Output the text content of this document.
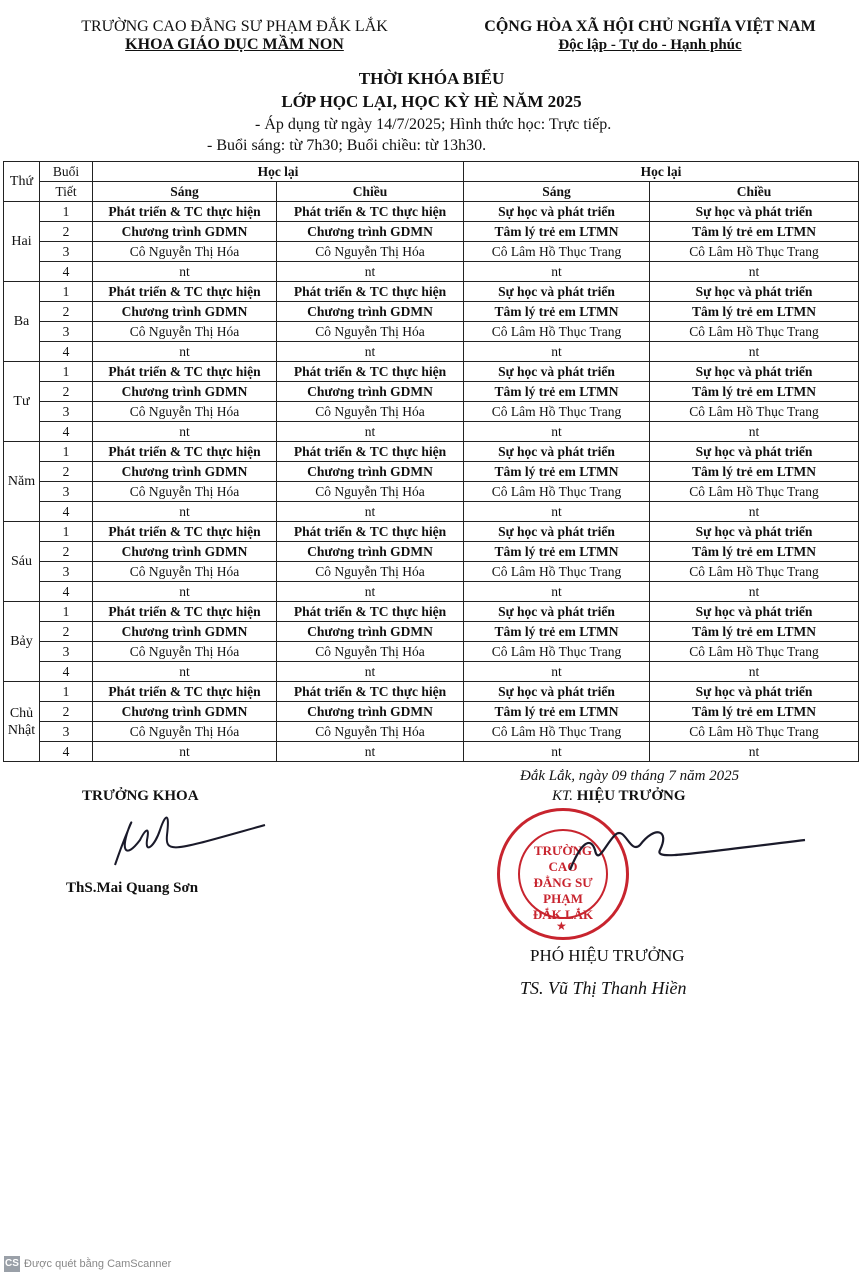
TRƯỜNG CAO ĐẲNG SƯ PHẠM ĐẮK LẮK
KHOA GIÁO DỤC MẦM NON
CỘNG HÒA XÃ HỘI CHỦ NGHĨA VIỆT NAM
Độc lập - Tự do - Hạnh phúc
THỜI KHÓA BIỂU
LỚP HỌC LẠI, HỌC KỲ HÈ NĂM 2025
- Áp dụng từ ngày 14/7/2025; Hình thức học: Trực tiếp.
- Buổi sáng: từ 7h30; Buổi chiều: từ 13h30.
Thứ	Buổi	Học lại		Học lại	
	Tiết	Sáng	Chiều	Sáng	Chiều
Hai	1	Phát triển & TC thực hiện	Phát triển & TC thực hiện	Sự học và phát triển	Sự học và phát triển
	2	Chương trình GDMN	Chương trình GDMN	Tâm lý trẻ em LTMN	Tâm lý trẻ em LTMN
	3	Cô Nguyễn Thị Hóa	Cô Nguyễn Thị Hóa	Cô Lâm Hồ Thục Trang	Cô Lâm Hồ Thục Trang
	4	nt	nt	nt	nt
Ba	1	Phát triển & TC thực hiện	Phát triển & TC thực hiện	Sự học và phát triển	Sự học và phát triển
	2	Chương trình GDMN	Chương trình GDMN	Tâm lý trẻ em LTMN	Tâm lý trẻ em LTMN
	3	Cô Nguyễn Thị Hóa	Cô Nguyễn Thị Hóa	Cô Lâm Hồ Thục Trang	Cô Lâm Hồ Thục Trang
	4	nt	nt	nt	nt
Tư	1	Phát triển & TC thực hiện	Phát triển & TC thực hiện	Sự học và phát triển	Sự học và phát triển
	2	Chương trình GDMN	Chương trình GDMN	Tâm lý trẻ em LTMN	Tâm lý trẻ em LTMN
	3	Cô Nguyễn Thị Hóa	Cô Nguyễn Thị Hóa	Cô Lâm Hồ Thục Trang	Cô Lâm Hồ Thục Trang
	4	nt	nt	nt	nt
Năm	1	Phát triển & TC thực hiện	Phát triển & TC thực hiện	Sự học và phát triển	Sự học và phát triển
	2	Chương trình GDMN	Chương trình GDMN	Tâm lý trẻ em LTMN	Tâm lý trẻ em LTMN
	3	Cô Nguyễn Thị Hóa	Cô Nguyễn Thị Hóa	Cô Lâm Hồ Thục Trang	Cô Lâm Hồ Thục Trang
	4	nt	nt	nt	nt
Sáu	1	Phát triển & TC thực hiện	Phát triển & TC thực hiện	Sự học và phát triển	Sự học và phát triển
	2	Chương trình GDMN	Chương trình GDMN	Tâm lý trẻ em LTMN	Tâm lý trẻ em LTMN
	3	Cô Nguyễn Thị Hóa	Cô Nguyễn Thị Hóa	Cô Lâm Hồ Thục Trang	Cô Lâm Hồ Thục Trang
	4	nt	nt	nt	nt
Bảy	1	Phát triển & TC thực hiện	Phát triển & TC thực hiện	Sự học và phát triển	Sự học và phát triển
	2	Chương trình GDMN	Chương trình GDMN	Tâm lý trẻ em LTMN	Tâm lý trẻ em LTMN
	3	Cô Nguyễn Thị Hóa	Cô Nguyễn Thị Hóa	Cô Lâm Hồ Thục Trang	Cô Lâm Hồ Thục Trang
	4	nt	nt	nt	nt
Chủ Nhật	1	Phát triển & TC thực hiện	Phát triển & TC thực hiện	Sự học và phát triển	Sự học và phát triển
	2	Chương trình GDMN	Chương trình GDMN	Tâm lý trẻ em LTMN	Tâm lý trẻ em LTMN
	3	Cô Nguyễn Thị Hóa	Cô Nguyễn Thị Hóa	Cô Lâm Hồ Thục Trang	Cô Lâm Hồ Thục Trang
	4	nt	nt	nt	nt
Đắk Lắk, ngày 09 tháng 7 năm 2025
TRƯỞNG KHOA
ThS.Mai Quang Sơn
KT. HIỆU TRƯỞNG
TRƯỜNG CAO ĐẲNG SƯ PHẠM ĐẮK LẮK
★
PHÓ HIỆU TRƯỞNG
TS. Vũ Thị Thanh Hiền
CS Được quét bằng CamScanner
